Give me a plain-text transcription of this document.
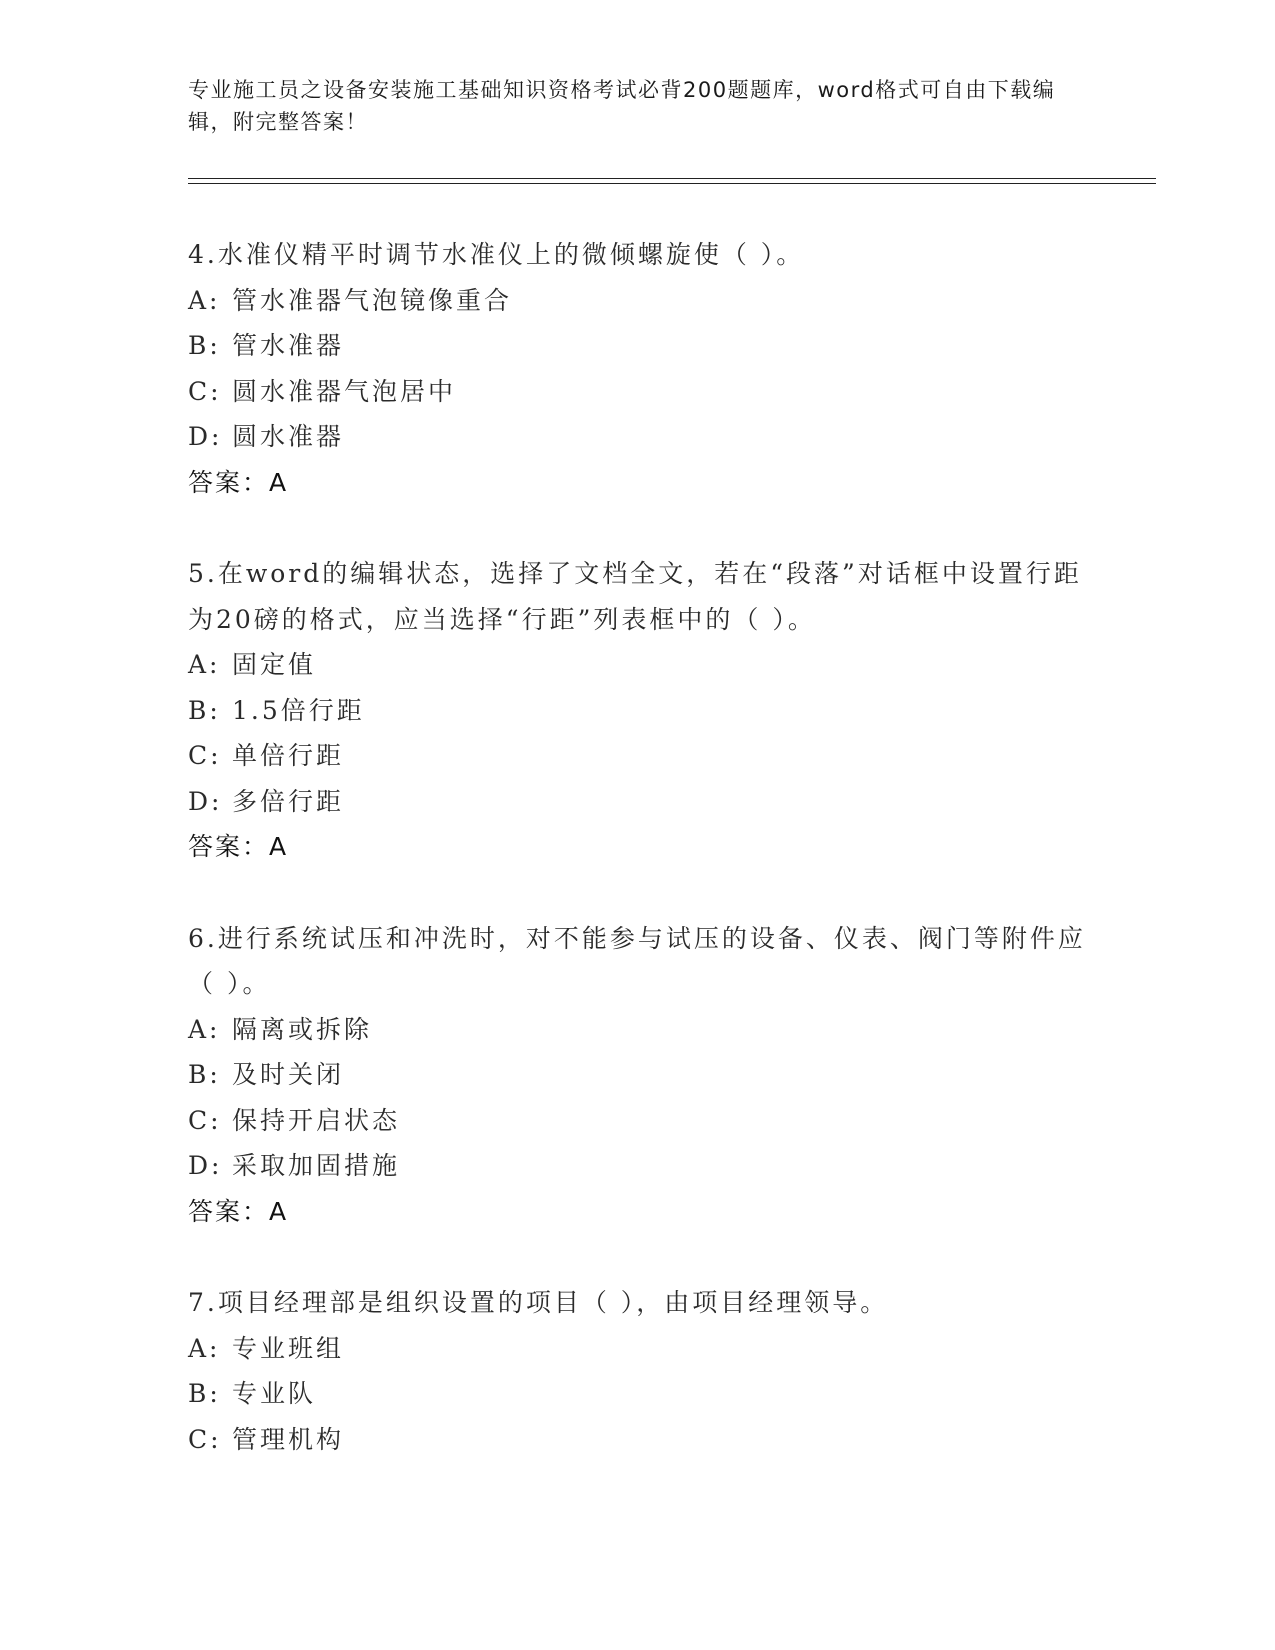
专业施工员之设备安装施工基础知识资格考试必背200题题库，word格式可自由下载编辑，附完整答案！
4.水准仪精平时调节水准仪上的微倾螺旋使（ ）。
A: 管水准器气泡镜像重合
B: 管水准器
C: 圆水准器气泡居中
D: 圆水准器
答案：A
5.在word的编辑状态，选择了文档全文，若在“段落”对话框中设置行距为20磅的格式，应当选择“行距”列表框中的（ ）。
A: 固定值
B: 1.5倍行距
C: 单倍行距
D: 多倍行距
答案：A
6.进行系统试压和冲洗时，对不能参与试压的设备、仪表、阀门等附件应（ ）。
A: 隔离或拆除
B: 及时关闭
C: 保持开启状态
D: 采取加固措施
答案：A
7.项目经理部是组织设置的项目（ ），由项目经理领导。
A: 专业班组
B: 专业队
C: 管理机构
